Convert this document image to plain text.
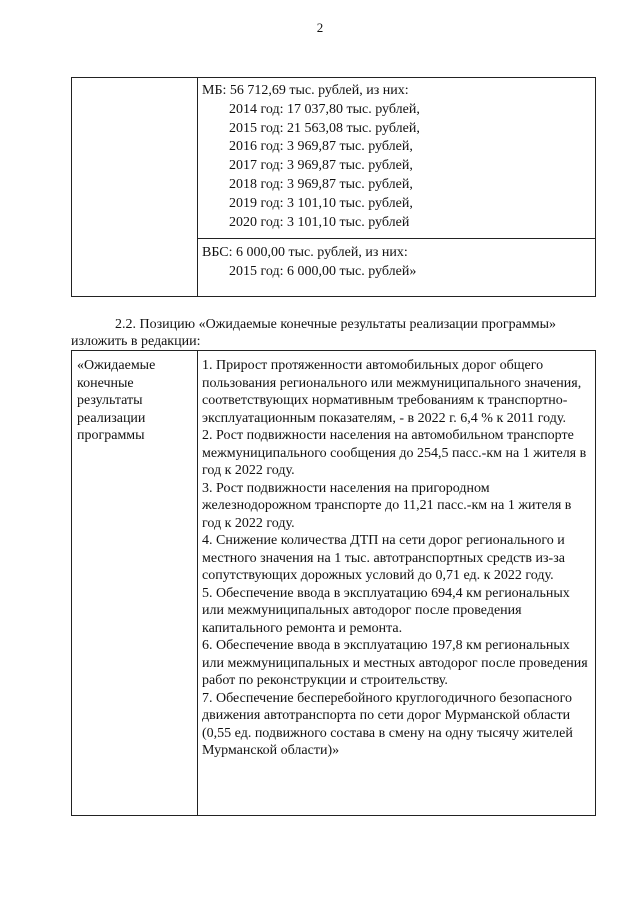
2
МБ: 56 712,69 тыс. рублей, из них:
2014 год: 17 037,80 тыс. рублей,
2015 год: 21 563,08 тыс. рублей,
2016 год: 3 969,87 тыс. рублей,
2017 год: 3 969,87 тыс. рублей,
2018 год: 3 969,87 тыс. рублей,
2019 год: 3 101,10 тыс. рублей,
2020 год: 3 101,10 тыс. рублей
ВБС: 6 000,00 тыс. рублей, из них:
2015 год: 6 000,00 тыс. рублей»
2.2. Позицию «Ожидаемые конечные результаты реализации программы»
изложить в редакции:
«Ожидаемые
конечные
результаты
реализации
программы

1. Прирост протяженности автомобильных дорог общего пользования регионального или межмуниципального значения, соответствующих нормативным требованиям к транспортно-эксплуатационным показателям, - в 2022 г. 6,4 % к 2011 году.

2. Рост подвижности населения на автомобильном транспорте межмуниципального сообщения до 254,5 пасс.-км на 1 жителя в год к 2022 году.

3. Рост подвижности населения на пригородном железнодорожном транспорте до 11,21 пасс.-км на 1 жителя в год к 2022 году.

4. Снижение количества ДТП на сети дорог регионального и местного значения на 1 тыс. автотранспортных средств из-за сопутствующих дорожных условий до 0,71 ед. к 2022 году.

5. Обеспечение ввода в эксплуатацию 694,4 км региональных или межмуниципальных автодорог после проведения капитального ремонта и ремонта.

6. Обеспечение ввода в эксплуатацию 197,8 км региональных или межмуниципальных и местных автодорог после проведения работ по реконструкции и строительству.

7. Обеспечение бесперебойного круглогодичного безопасного движения автотранспорта по сети дорог Мурманской области (0,55 ед. подвижного состава в смену на одну тысячу жителей Мурманской области)»
